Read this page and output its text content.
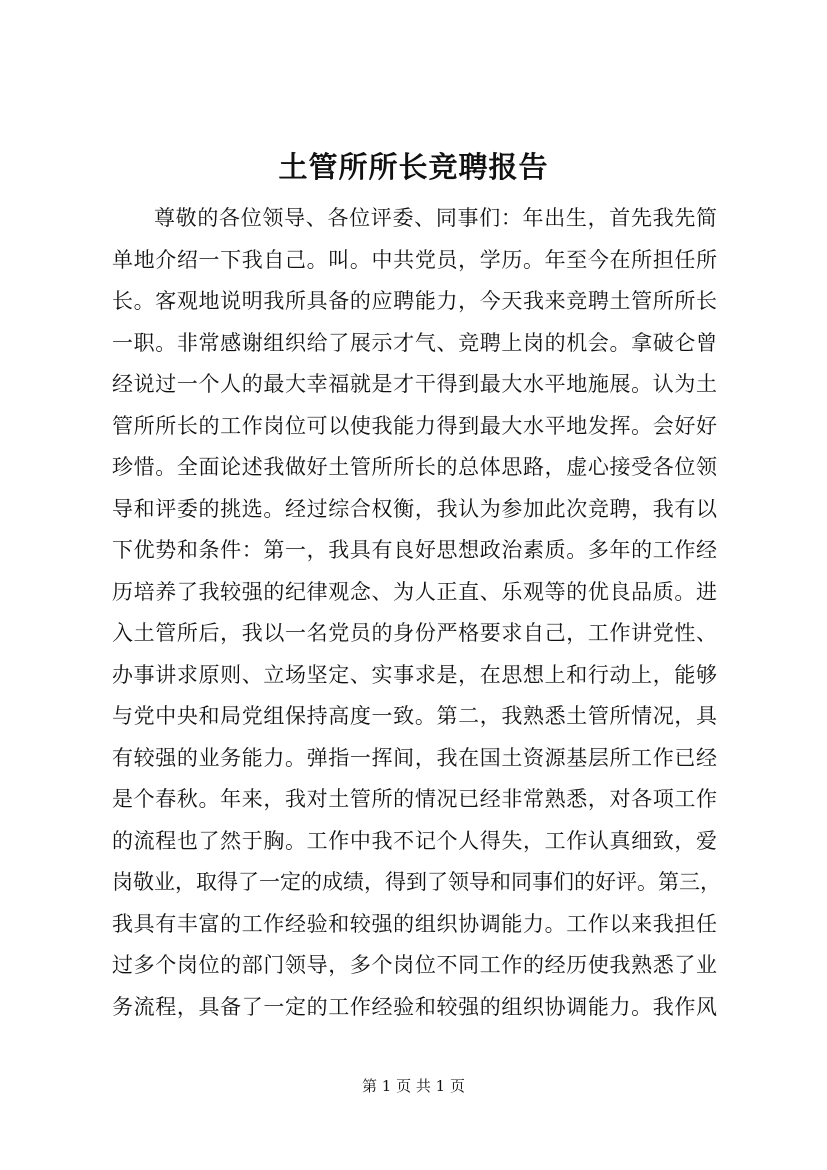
土管所所长竞聘报告
尊敬的各位领导、各位评委、同事们：年出生，首先我先简
单地介绍一下我自己。叫。中共党员，学历。年至今在所担任所
长。客观地说明我所具备的应聘能力，今天我来竞聘土管所所长
一职。非常感谢组织给了展示才气、竞聘上岗的机会。拿破仑曾
经说过一个人的最大幸福就是才干得到最大水平地施展。认为土
管所所长的工作岗位可以使我能力得到最大水平地发挥。会好好
珍惜。全面论述我做好土管所所长的总体思路，虚心接受各位领
导和评委的挑选。经过综合权衡，我认为参加此次竞聘，我有以
下优势和条件：第一，我具有良好思想政治素质。多年的工作经
历培养了我较强的纪律观念、为人正直、乐观等的优良品质。进
入土管所后，我以一名党员的身份严格要求自己，工作讲党性、
办事讲求原则、立场坚定、实事求是，在思想上和行动上，能够
与党中央和局党组保持高度一致。第二，我熟悉土管所情况，具
有较强的业务能力。弹指一挥间，我在国土资源基层所工作已经
是个春秋。年来，我对土管所的情况已经非常熟悉，对各项工作
的流程也了然于胸。工作中我不记个人得失，工作认真细致，爱
岗敬业，取得了一定的成绩，得到了领导和同事们的好评。第三，
我具有丰富的工作经验和较强的组织协调能力。工作以来我担任
过多个岗位的部门领导，多个岗位不同工作的经历使我熟悉了业
务流程，具备了一定的工作经验和较强的组织协调能力。我作风
第 1 页 共 1 页
